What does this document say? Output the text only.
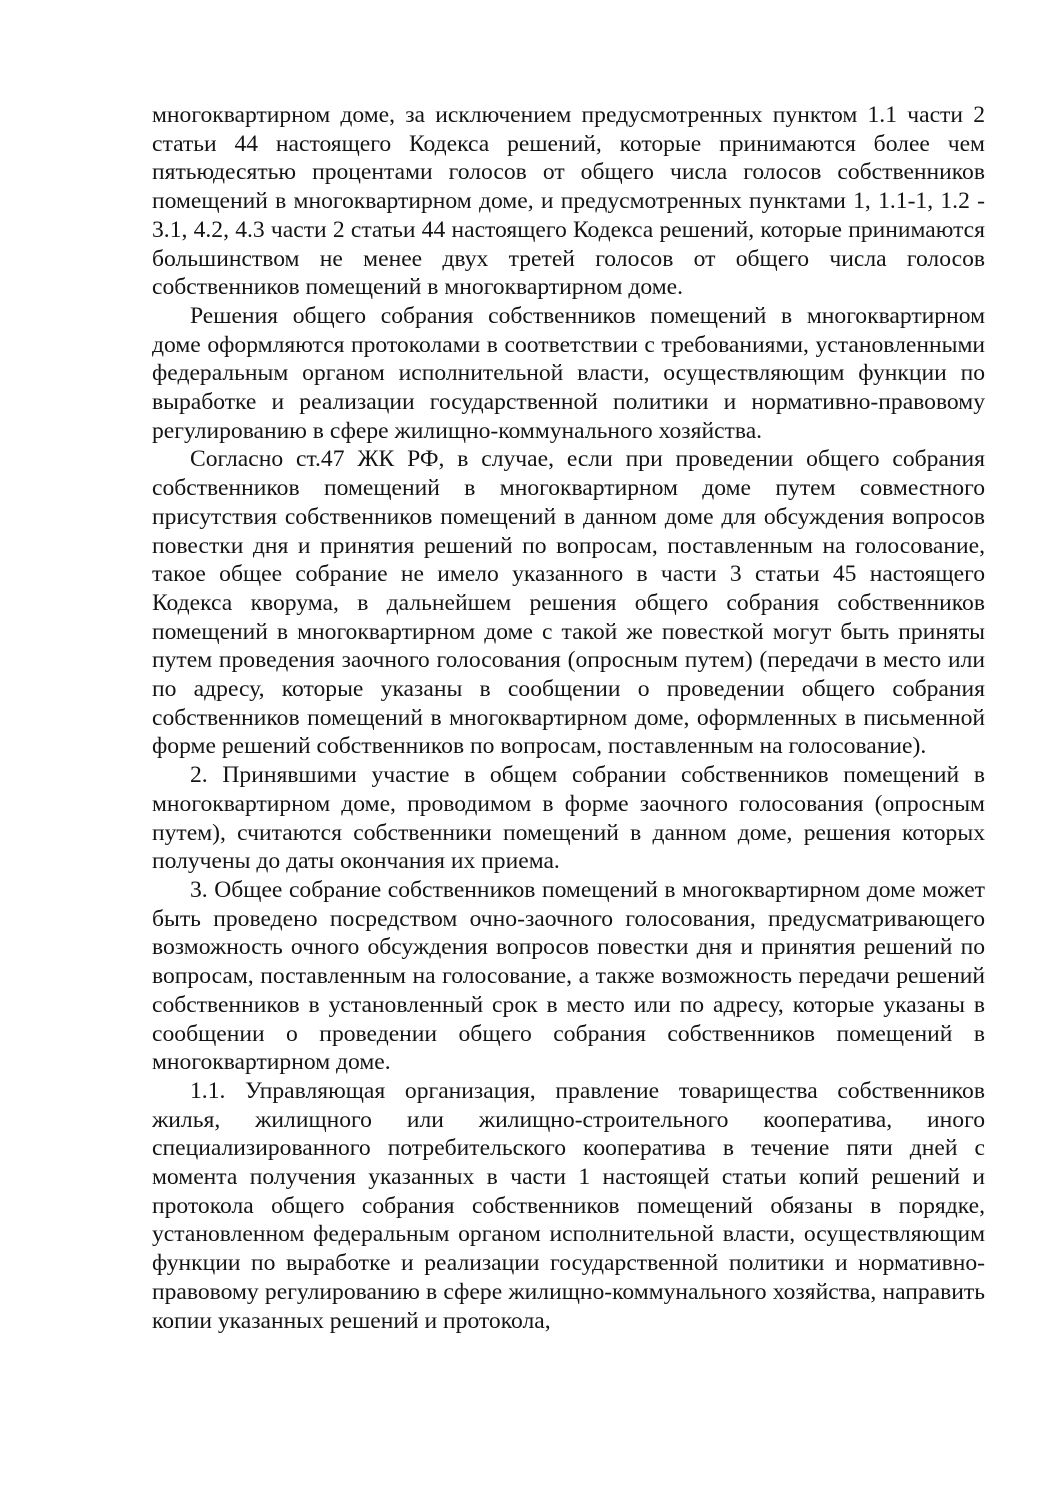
многоквартирном доме, за исключением предусмотренных пунктом 1.1 части 2 статьи 44 настоящего Кодекса решений, которые принимаются более чем пятьюдесятью процентами голосов от общего числа голосов собственников помещений в многоквартирном доме, и предусмотренных пунктами 1, 1.1-1, 1.2 - 3.1, 4.2, 4.3 части 2 статьи 44 настоящего Кодекса решений, которые принимаются большинством не менее двух третей голосов от общего числа голосов собственников помещений в многоквартирном доме.

Решения общего собрания собственников помещений в многоквартирном доме оформляются протоколами в соответствии с требованиями, установленными федеральным органом исполнительной власти, осуществляющим функции по выработке и реализации государственной политики и нормативно-правовому регулированию в сфере жилищно-коммунального хозяйства.

Согласно ст.47 ЖК РФ, в случае, если при проведении общего собрания собственников помещений в многоквартирном доме путем совместного присутствия собственников помещений в данном доме для обсуждения вопросов повестки дня и принятия решений по вопросам, поставленным на голосование, такое общее собрание не имело указанного в части 3 статьи 45 настоящего Кодекса кворума, в дальнейшем решения общего собрания собственников помещений в многоквартирном доме с такой же повесткой могут быть приняты путем проведения заочного голосования (опросным путем) (передачи в место или по адресу, которые указаны в сообщении о проведении общего собрания собственников помещений в многоквартирном доме, оформленных в письменной форме решений собственников по вопросам, поставленным на голосование).

2. Принявшими участие в общем собрании собственников помещений в многоквартирном доме, проводимом в форме заочного голосования (опросным путем), считаются собственники помещений в данном доме, решения которых получены до даты окончания их приема.

3. Общее собрание собственников помещений в многоквартирном доме может быть проведено посредством очно-заочного голосования, предусматривающего возможность очного обсуждения вопросов повестки дня и принятия решений по вопросам, поставленным на голосование, а также возможность передачи решений собственников в установленный срок в место или по адресу, которые указаны в сообщении о проведении общего собрания собственников помещений в многоквартирном доме.

1.1. Управляющая организация, правление товарищества собственников жилья, жилищного или жилищно-строительного кооператива, иного специализированного потребительского кооператива в течение пяти дней с момента получения указанных в части 1 настоящей статьи копий решений и протокола общего собрания собственников помещений обязаны в порядке, установленном федеральным органом исполнительной власти, осуществляющим функции по выработке и реализации государственной политики и нормативно-правовому регулированию в сфере жилищно-коммунального хозяйства, направить копии указанных решений и протокола,
